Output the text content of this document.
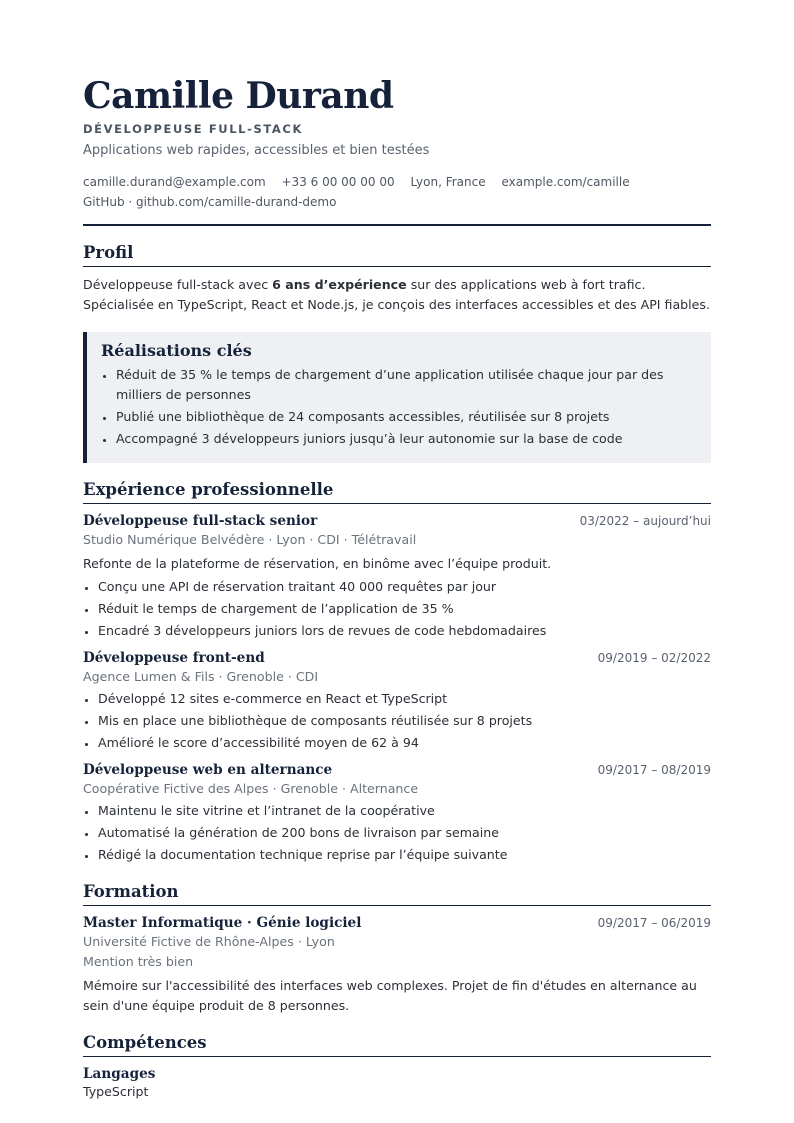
Camille Durand
DÉVELOPPEUSE FULL-STACK
Applications web rapides, accessibles et bien testées
camille.durand@example.com +33 6 00 00 00 00 Lyon, France example.com/camille
GitHub · github.com/camille-durand-demo
Profil

Développeuse full-stack avec 6 ans d’expérience sur des applications web à fort trafic. Spécialisée en TypeScript, React et Node.js, je conçois des interfaces accessibles et des API fiables.

Réalisations clés
• Réduit de 35 % le temps de chargement d’une application utilisée chaque jour par des milliers de personnes
• Publié une bibliothèque de 24 composants accessibles, réutilisée sur 8 projets
• Accompagné 3 développeurs juniors jusqu’à leur autonomie sur la base de code
Expérience professionnelle
Développeuse full-stack senior	03/2022 – aujourd’hui
Studio Numérique Belvédère · Lyon · CDI · Télétravail
Refonte de la plateforme de réservation, en binôme avec l’équipe produit.
• Conçu une API de réservation traitant 40 000 requêtes par jour
• Réduit le temps de chargement de l’application de 35 %
• Encadré 3 développeurs juniors lors de revues de code hebdomadaires
Développeuse front-end	09/2019 – 02/2022
Agence Lumen & Fils · Grenoble · CDI
• Développé 12 sites e-commerce en React et TypeScript
• Mis en place une bibliothèque de composants réutilisée sur 8 projets
• Amélioré le score d’accessibilité moyen de 62 à 94
Développeuse web en alternance	09/2017 – 08/2019
Coopérative Fictive des Alpes · Grenoble · Alternance
• Maintenu le site vitrine et l’intranet de la coopérative
• Automatisé la génération de 200 bons de livraison par semaine
• Rédigé la documentation technique reprise par l’équipe suivante
Formation
Master Informatique · Génie logiciel	09/2017 – 06/2019
Université Fictive de Rhône-Alpes · Lyon
Mention très bien
Mémoire sur l'accessibilité des interfaces web complexes. Projet de fin d'études en alternance au sein d'une équipe produit de 8 personnes.
Compétences
Langages
TypeScript
